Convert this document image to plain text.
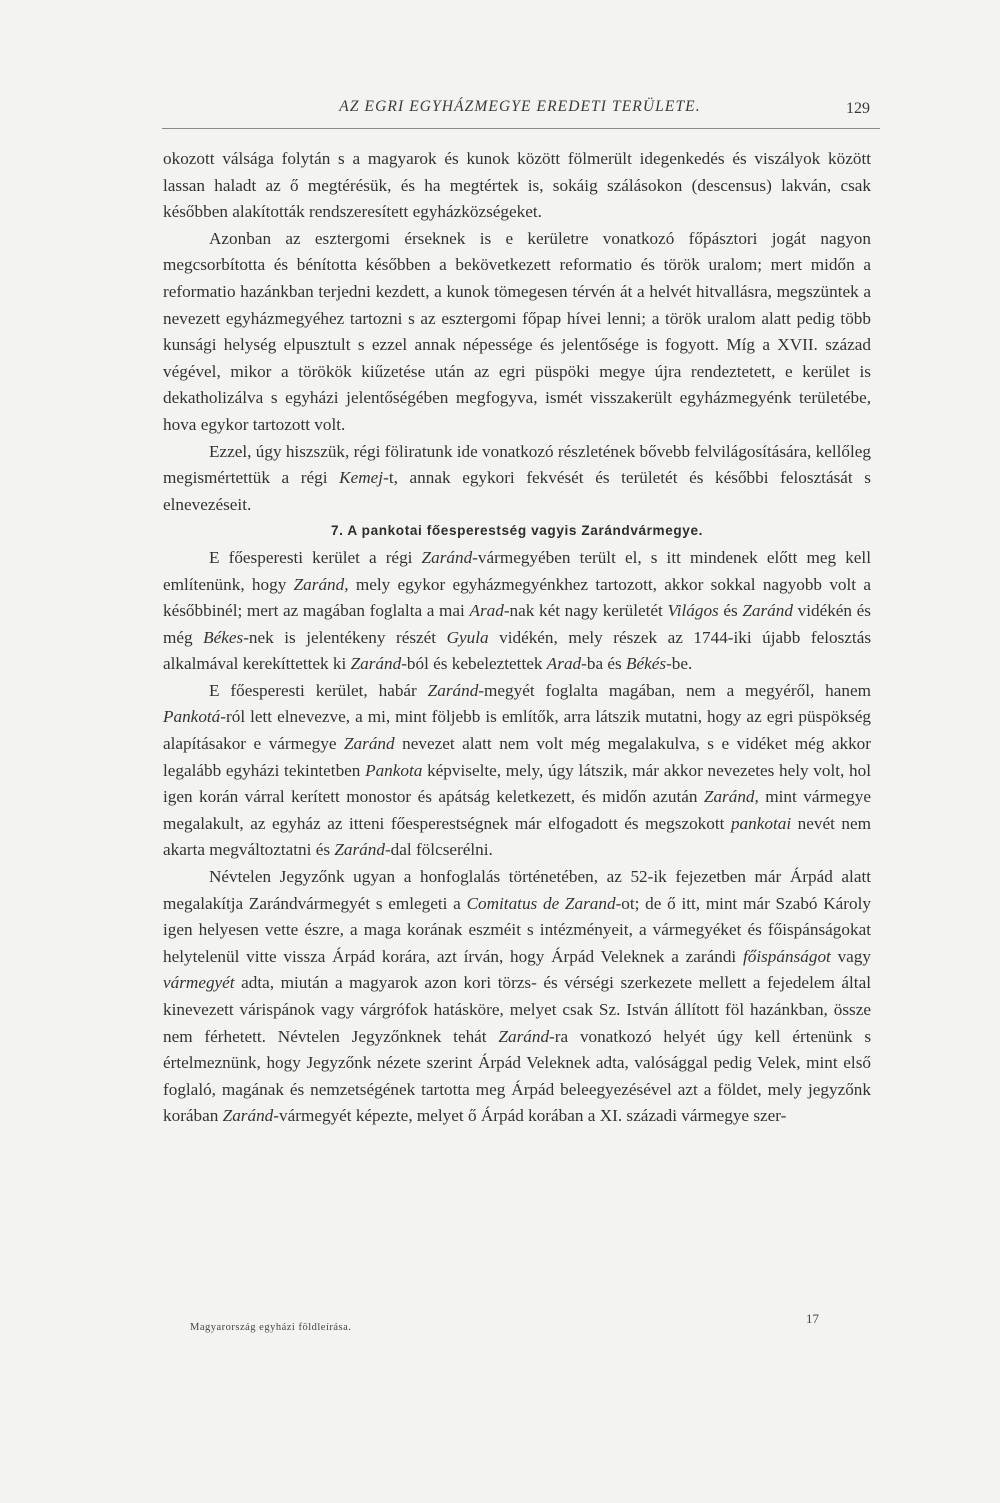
AZ EGRI EGYHÁZMEGYE EREDETI TERÜLETE.	129

okozott válsága folytán s a magyarok és kunok között fölmerült idegenkedés és viszályok között lassan haladt az ő megtérésük, és ha megtértek is, sokáig szálásokon (descensus) lakván, csak későbben alakították rendszeresített egyházközségeket.

Azonban az esztergomi érseknek is e kerületre vonatkozó főpásztori jogát nagyon megcsorbította és bénította későbben a bekövetkezett reformatio és török uralom; mert midőn a reformatio hazánkban terjedni kezdett, a kunok tömegesen térvén át a helvét hitvallásra, megszüntek a nevezett egyházmegyéhez tartozni s az esztergomi főpap hívei lenni; a török uralom alatt pedig több kunsági helység elpusztult s ezzel annak népessége és jelentősége is fogyott. Míg a XVII. század végével, mikor a törökök kiűzetése után az egri püspöki megye újra rendeztetett, e kerület is dekatholizálva s egyházi jelentőségében megfogyva, ismét visszakerült egyházmegyénk területébe, hova egykor tartozott volt.

Ezzel, úgy hiszszük, régi föliratunk ide vonatkozó részletének bővebb felvilágosítására, kellőleg megismértettük a régi Kemej-t, annak egykori fekvését és területét és későbbi felosztását s elnevezéseit.

7. A pankotai főesperestség vagyis Zarándvármegye.

E főesperesti kerület a régi Zaránd-vármegyében terült el, s itt mindenek előtt meg kell említenünk, hogy Zaránd, mely egykor egyházmegyénkhez tartozott, akkor sokkal nagyobb volt a későbbinél; mert az magában foglalta a mai Arad-nak két nagy kerületét Világos és Zaránd vidékén és még Békes-nek is jelentékeny részét Gyula vidékén, mely részek az 1744-iki újabb felosztás alkalmával kerekíttettek ki Zaránd-ból és kebeleztettek Arad-ba és Békés-be.

E főesperesti kerület, habár Zaránd-megyét foglalta magában, nem a megyéről, hanem Pankotá-ról lett elnevezve, a mi, mint följebb is említők, arra látszik mutatni, hogy az egri püspökség alapításakor e vármegye Zaránd nevezet alatt nem volt még megalakulva, s e vidéket még akkor legalább egyházi tekintetben Pankota képviselte, mely, úgy látszik, már akkor nevezetes hely volt, hol igen korán várral kerített monostor és apátság keletkezett, és midőn azután Zaránd, mint vármegye megalakult, az egyház az itteni főesperestségnek már elfogadott és megszokott pankotai nevét nem akarta megváltoztatni és Zaránd-dal fölcserélni.

Névtelen Jegyzőnk ugyan a honfoglalás történetében, az 52-ik fejezetben már Árpád alatt megalakítja Zarándvármegyét s emlegeti a Comitatus de Zarand-ot; de ő itt, mint már Szabó Károly igen helyesen vette észre, a maga korának eszméit s intézményeit, a vármegyéket és főispánságokat helytelenül vitte vissza Árpád korára, azt írván, hogy Árpád Veleknek a zarándi főispánságot vagy vármegyét adta, miután a magyarok azon kori törzs- és vérségi szerkezete mellett a fejedelem által kinevezett várispánok vagy várgrófok hatásköre, melyet csak Sz. István állított föl hazánkban, össze nem férhetett. Névtelen Jegyzőnknek tehát Zaránd-ra vonatkozó helyét úgy kell értenünk s értelmeznünk, hogy Jegyzőnk nézete szerint Árpád Veleknek adta, valósággal pedig Velek, mint első foglaló, magának és nemzetségének tartotta meg Árpád beleegyezésével azt a földet, mely jegyzőnk korában Zaránd-vármegyét képezte, melyet ő Árpád korában a XI. századi vármegye szer-

Magyarország egyházi földleírása.
17
